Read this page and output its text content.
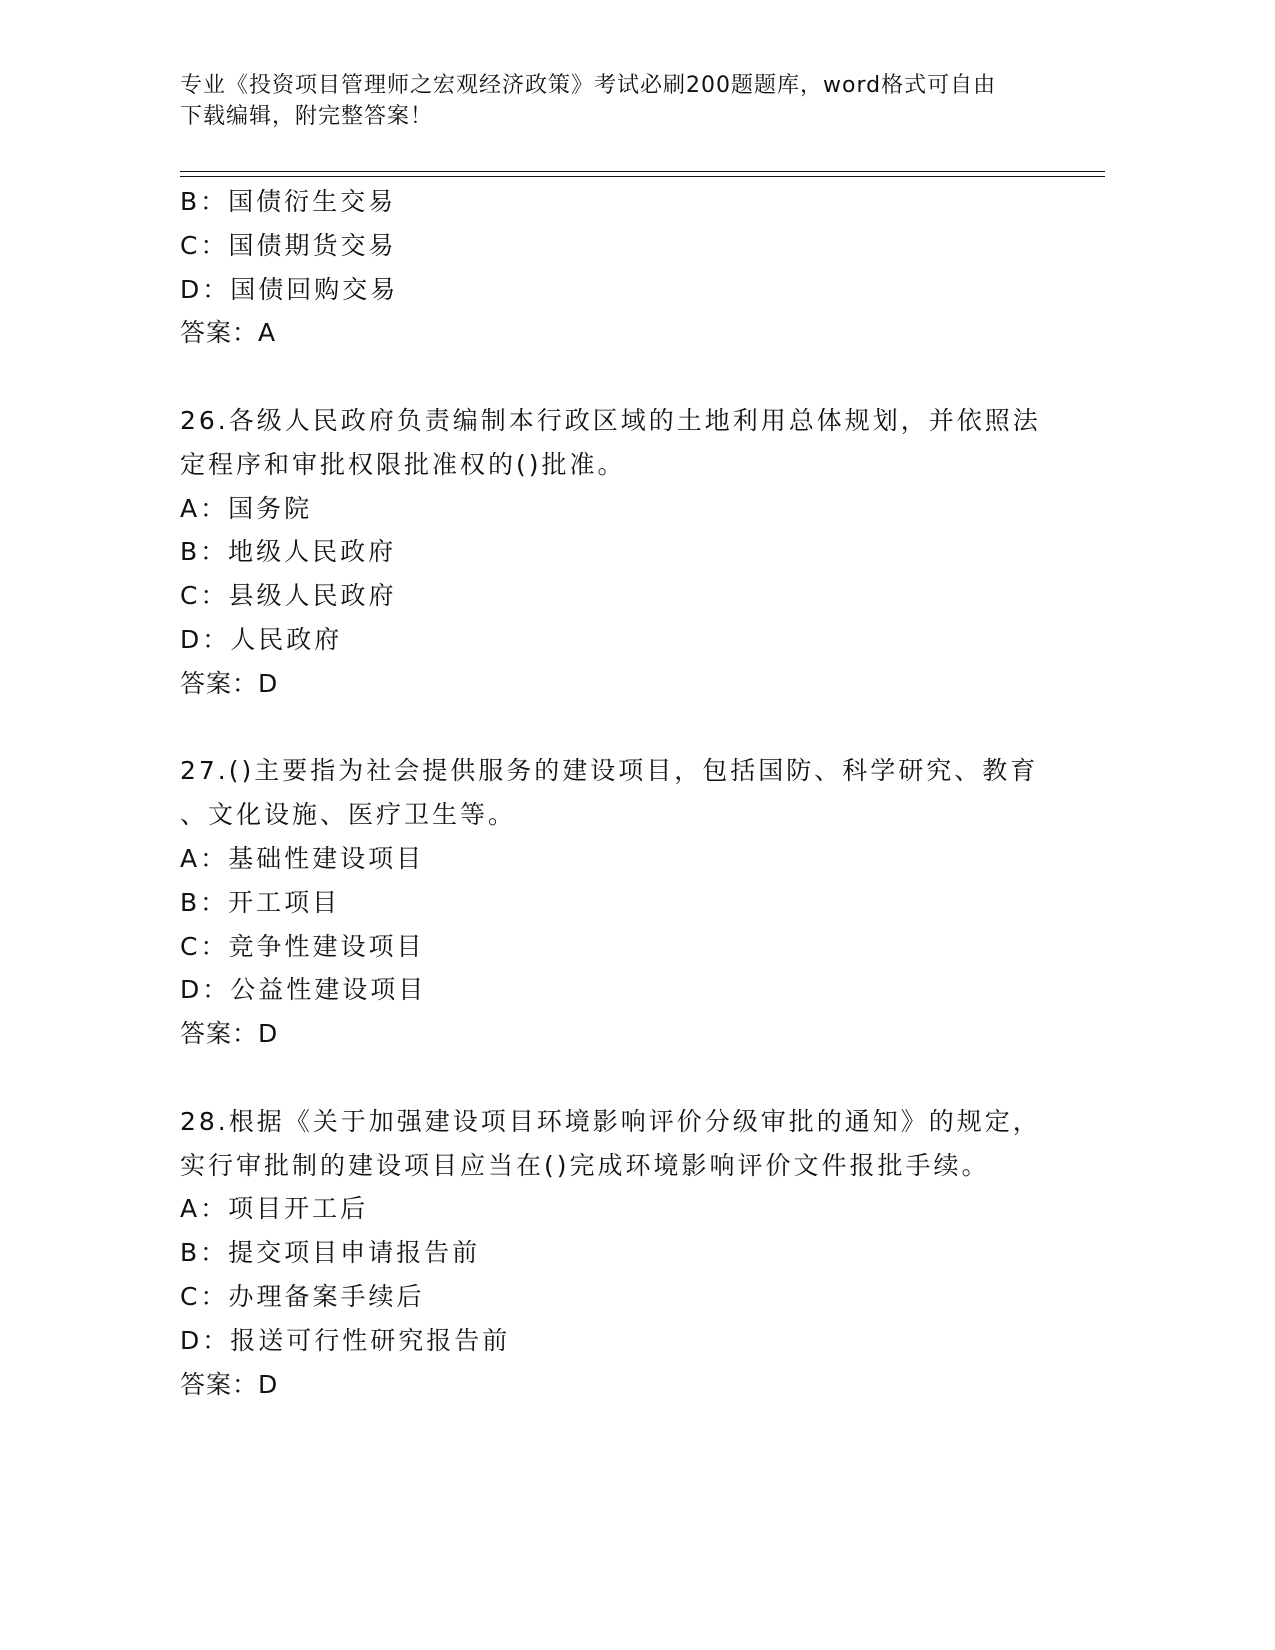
专业《投资项目管理师之宏观经济政策》考试必刷200题题库，word格式可自由
下载编辑，附完整答案！
B：国债衍生交易
C：国债期货交易
D：国债回购交易
答案：A
26.各级人民政府负责编制本行政区域的土地利用总体规划，并依照法
定程序和审批权限批准权的()批准。
A：国务院
B：地级人民政府
C：县级人民政府
D：人民政府
答案：D
27.()主要指为社会提供服务的建设项目，包括国防、科学研究、教育
、文化设施、医疗卫生等。
A：基础性建设项目
B：开工项目
C：竞争性建设项目
D：公益性建设项目
答案：D
28.根据《关于加强建设项目环境影响评价分级审批的通知》的规定，
实行审批制的建设项目应当在()完成环境影响评价文件报批手续。
A：项目开工后
B：提交项目申请报告前
C：办理备案手续后
D：报送可行性研究报告前
答案：D
